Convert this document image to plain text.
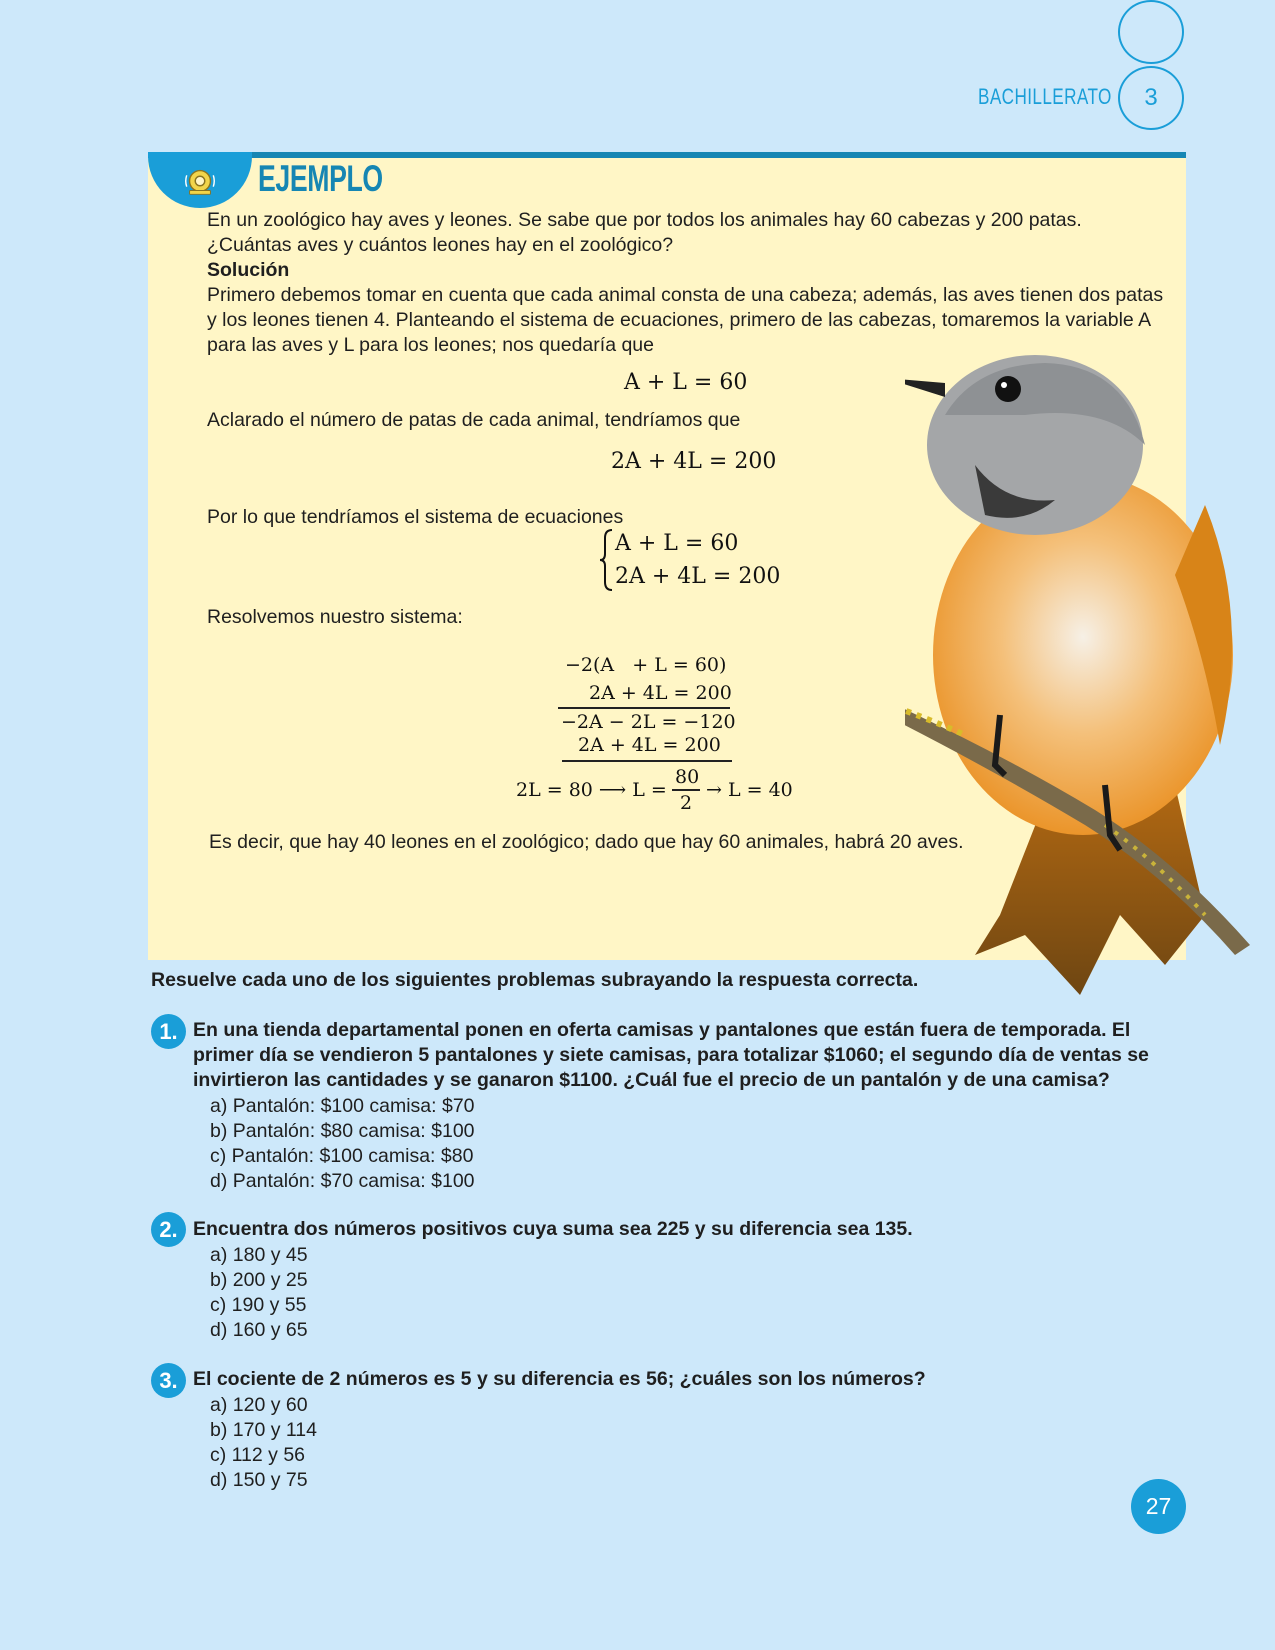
BACHILLERATO	3
EJEMPLO
En un zoológico hay aves y leones. Se sabe que por todos los animales hay 60 cabezas y 200 patas.
¿Cuántas aves y cuántos leones hay en el zoológico?
Solución
Primero debemos tomar en cuenta que cada animal consta de una cabeza; además, las aves tienen dos patas y los leones tienen 4. Planteando el sistema de ecuaciones, primero de las cabezas, tomaremos la variable A para las aves y L para los leones; nos quedaría que
A + L = 60
Aclarado el número de patas de cada animal, tendríamos que
2A + 4L = 200
Por lo que tendríamos el sistema de ecuaciones
A + L = 60
2A + 4L = 200
Resolvemos nuestro sistema:
−2(A   + L = 60)
2A + 4L = 200
−2A − 2L = −120
2A + 4L = 200
2L = 80 ⟶ L =
80
2
→ L = 40
Es decir, que hay 40 leones en el zoológico; dado que hay 60 animales, habrá 20 aves.
Resuelve cada uno de los siguientes problemas subrayando la respuesta correcta.
1. En una tienda departamental ponen en oferta camisas y pantalones que están fuera de temporada. El primer día se vendieron 5 pantalones y siete camisas, para totalizar $1060; el segundo día de ventas se invirtieron las cantidades y se ganaron $1100. ¿Cuál fue el precio de un pantalón y de una camisa?
a) Pantalón: $100 camisa: $70
b) Pantalón: $80 camisa: $100
c) Pantalón: $100 camisa: $80
d) Pantalón: $70 camisa: $100
2. Encuentra dos números positivos cuya suma sea 225 y su diferencia sea 135.
a) 180 y 45
b) 200 y 25
c) 190 y 55
d) 160 y 65
3. El cociente de 2 números es 5 y su diferencia es 56; ¿cuáles son los números?
a) 120 y 60
b) 170 y 114
c) 112 y 56
d) 150 y 75
27
